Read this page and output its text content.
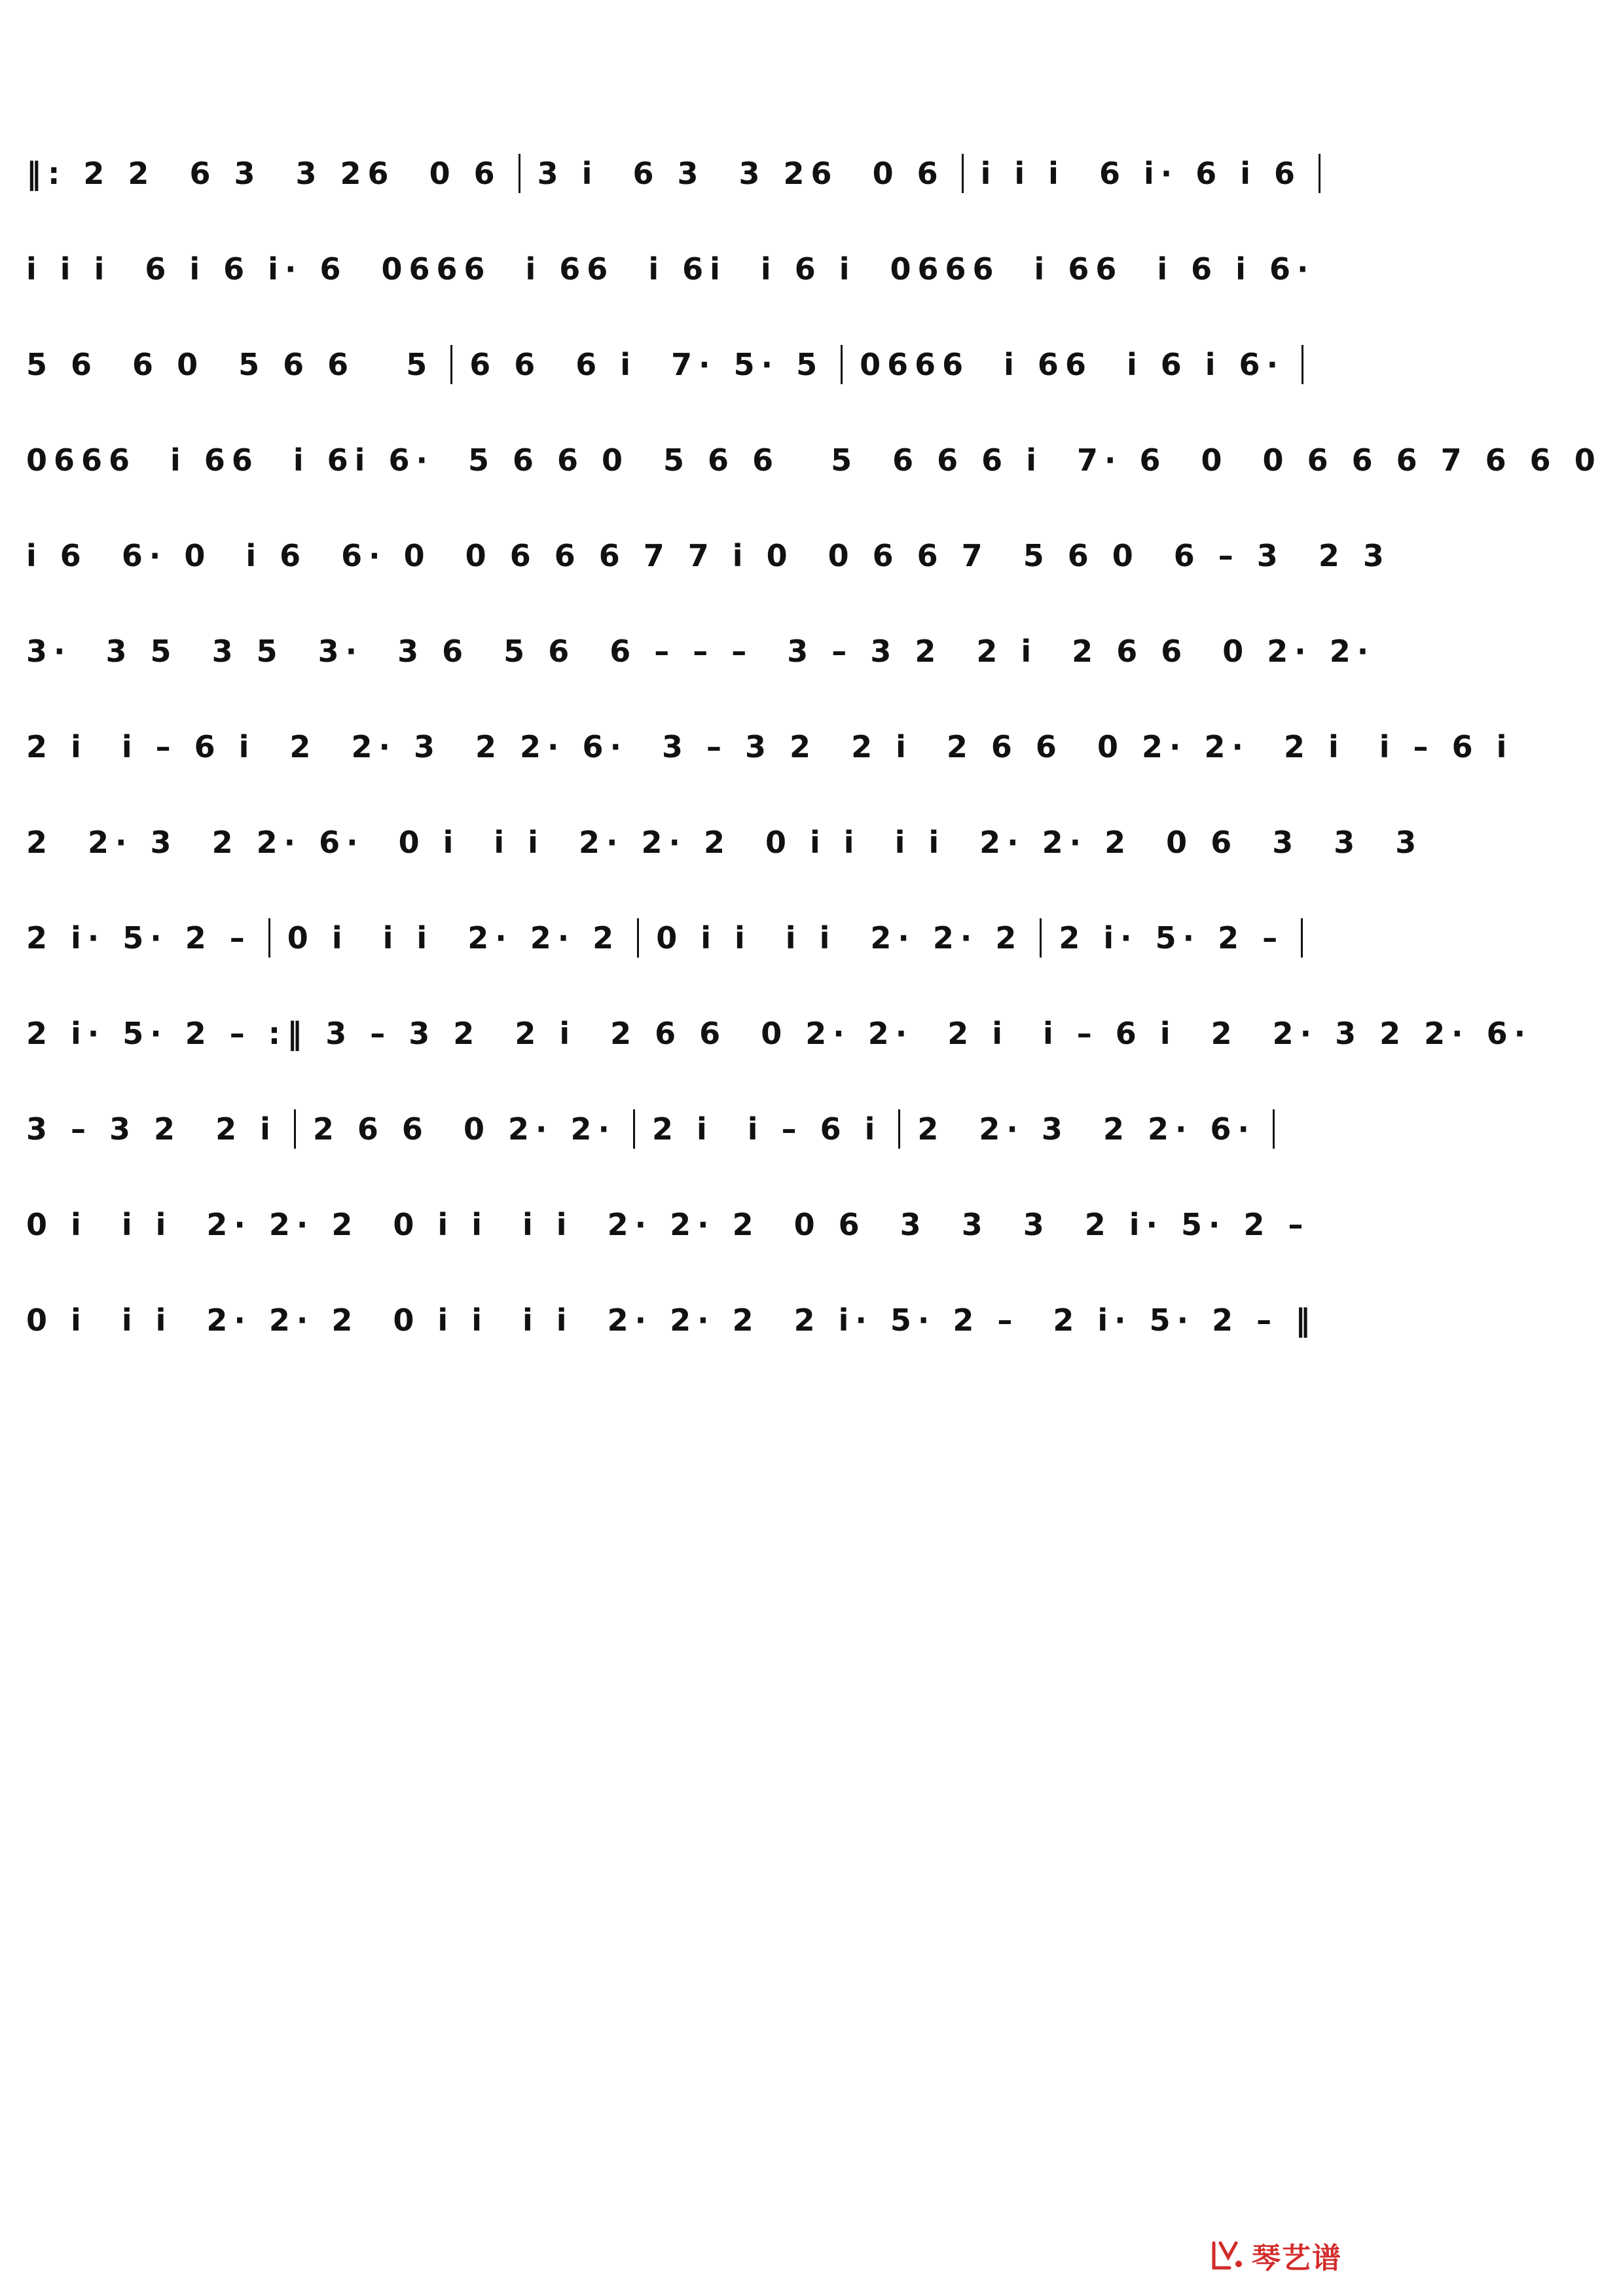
‖: 2 2  6 3  3 26  0 6 3 i  6 3  3 26  0 6 i i i  6 i· 6 i 6
i i i  6 i 6 i· 6 0666  i 66  i 6i  i 6 i 0666  i 66  i 6 i 6·
5 6  6 0  5 6 6   5 6 6  6 i  7· 5· 5 0666  i 66  i 6 i 6·
0666  i 66  i 6i 6· 5 6 6 0  5 6 6   5 6 6 6 i  7· 6  0 0 6 6 6 7 6 6 0
i 6  6· 0  i 6  6· 0 0 6 6 6 7 7 i 0 0 6 6 7  5 6 0 6 – 3  2 3
3·  3 5  3 5 3·  3 6  5 6 6 – – – 3 – 3 2  2 i 2 6 6  0 2· 2·
2 i  i – 6 i 2  2· 3  2 2· 6· 3 – 3 2  2 i 2 6 6  0 2· 2· 2 i  i – 6 i
2  2· 3  2 2· 6· 0 i  i i  2· 2· 2 0 i i  i i  2· 2· 2 0 6  3  3  3
2 i· 5· 2 – 0 i  i i  2· 2· 2 0 i i  i i  2· 2· 2 2 i· 5· 2 –
2 i· 5· 2 – :‖ 3 – 3 2  2 i 2 6 6  0 2· 2· 2 i  i – 6 i 2  2· 3 2 2· 6·
3 – 3 2  2 i 2 6 6  0 2· 2· 2 i  i – 6 i 2  2· 3  2 2· 6·
0 i  i i  2· 2· 2 0 i i  i i  2· 2· 2 0 6  3  3  3 2 i· 5· 2 –
0 i  i i  2· 2· 2 0 i i  i i  2· 2· 2 2 i· 5· 2 – 2 i· 5· 2 – ‖
琴艺谱
